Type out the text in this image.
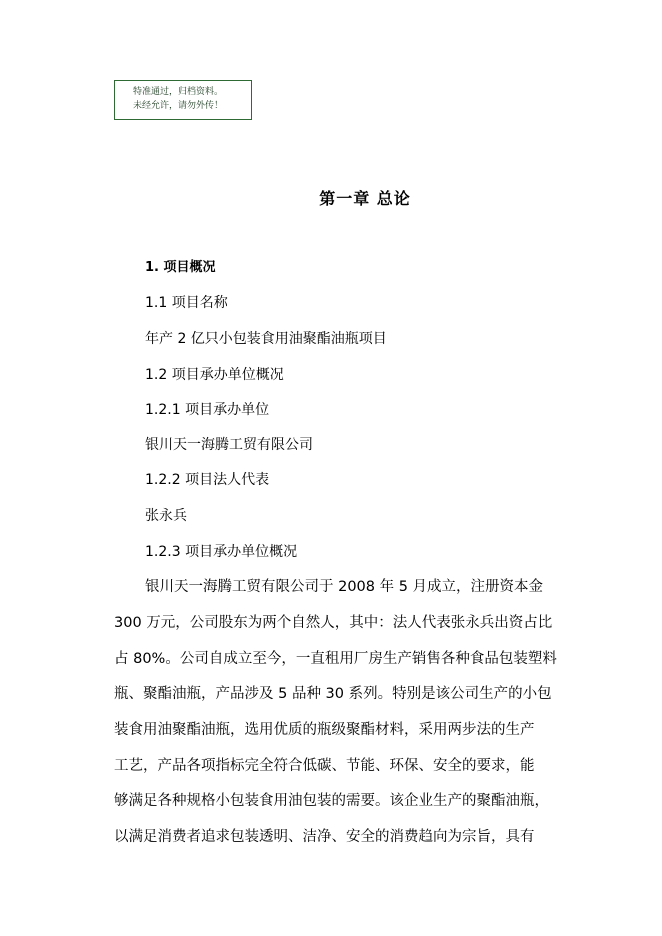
特准通过，归档资料。
未经允许，请勿外传！
第一章 总论
1. 项目概况
1.1 项目名称
年产 2 亿只小包装食用油聚酯油瓶项目
1.2 项目承办单位概况
1.2.1 项目承办单位
银川天一海腾工贸有限公司
1.2.2 项目法人代表
张永兵
1.2.3 项目承办单位概况
银川天一海腾工贸有限公司于 2008 年 5 月成立，注册资本金
300 万元，公司股东为两个自然人，其中：法人代表张永兵出资占比
占 80%。公司自成立至今，一直租用厂房生产销售各种食品包装塑料
瓶、聚酯油瓶，产品涉及 5 品种 30 系列。特别是该公司生产的小包
装食用油聚酯油瓶，选用优质的瓶级聚酯材料，采用两步法的生产
工艺，产品各项指标完全符合低碳、节能、环保、安全的要求，能
够满足各种规格小包装食用油包装的需要。该企业生产的聚酯油瓶，
以满足消费者追求包装透明、洁净、安全的消费趋向为宗旨，具有
